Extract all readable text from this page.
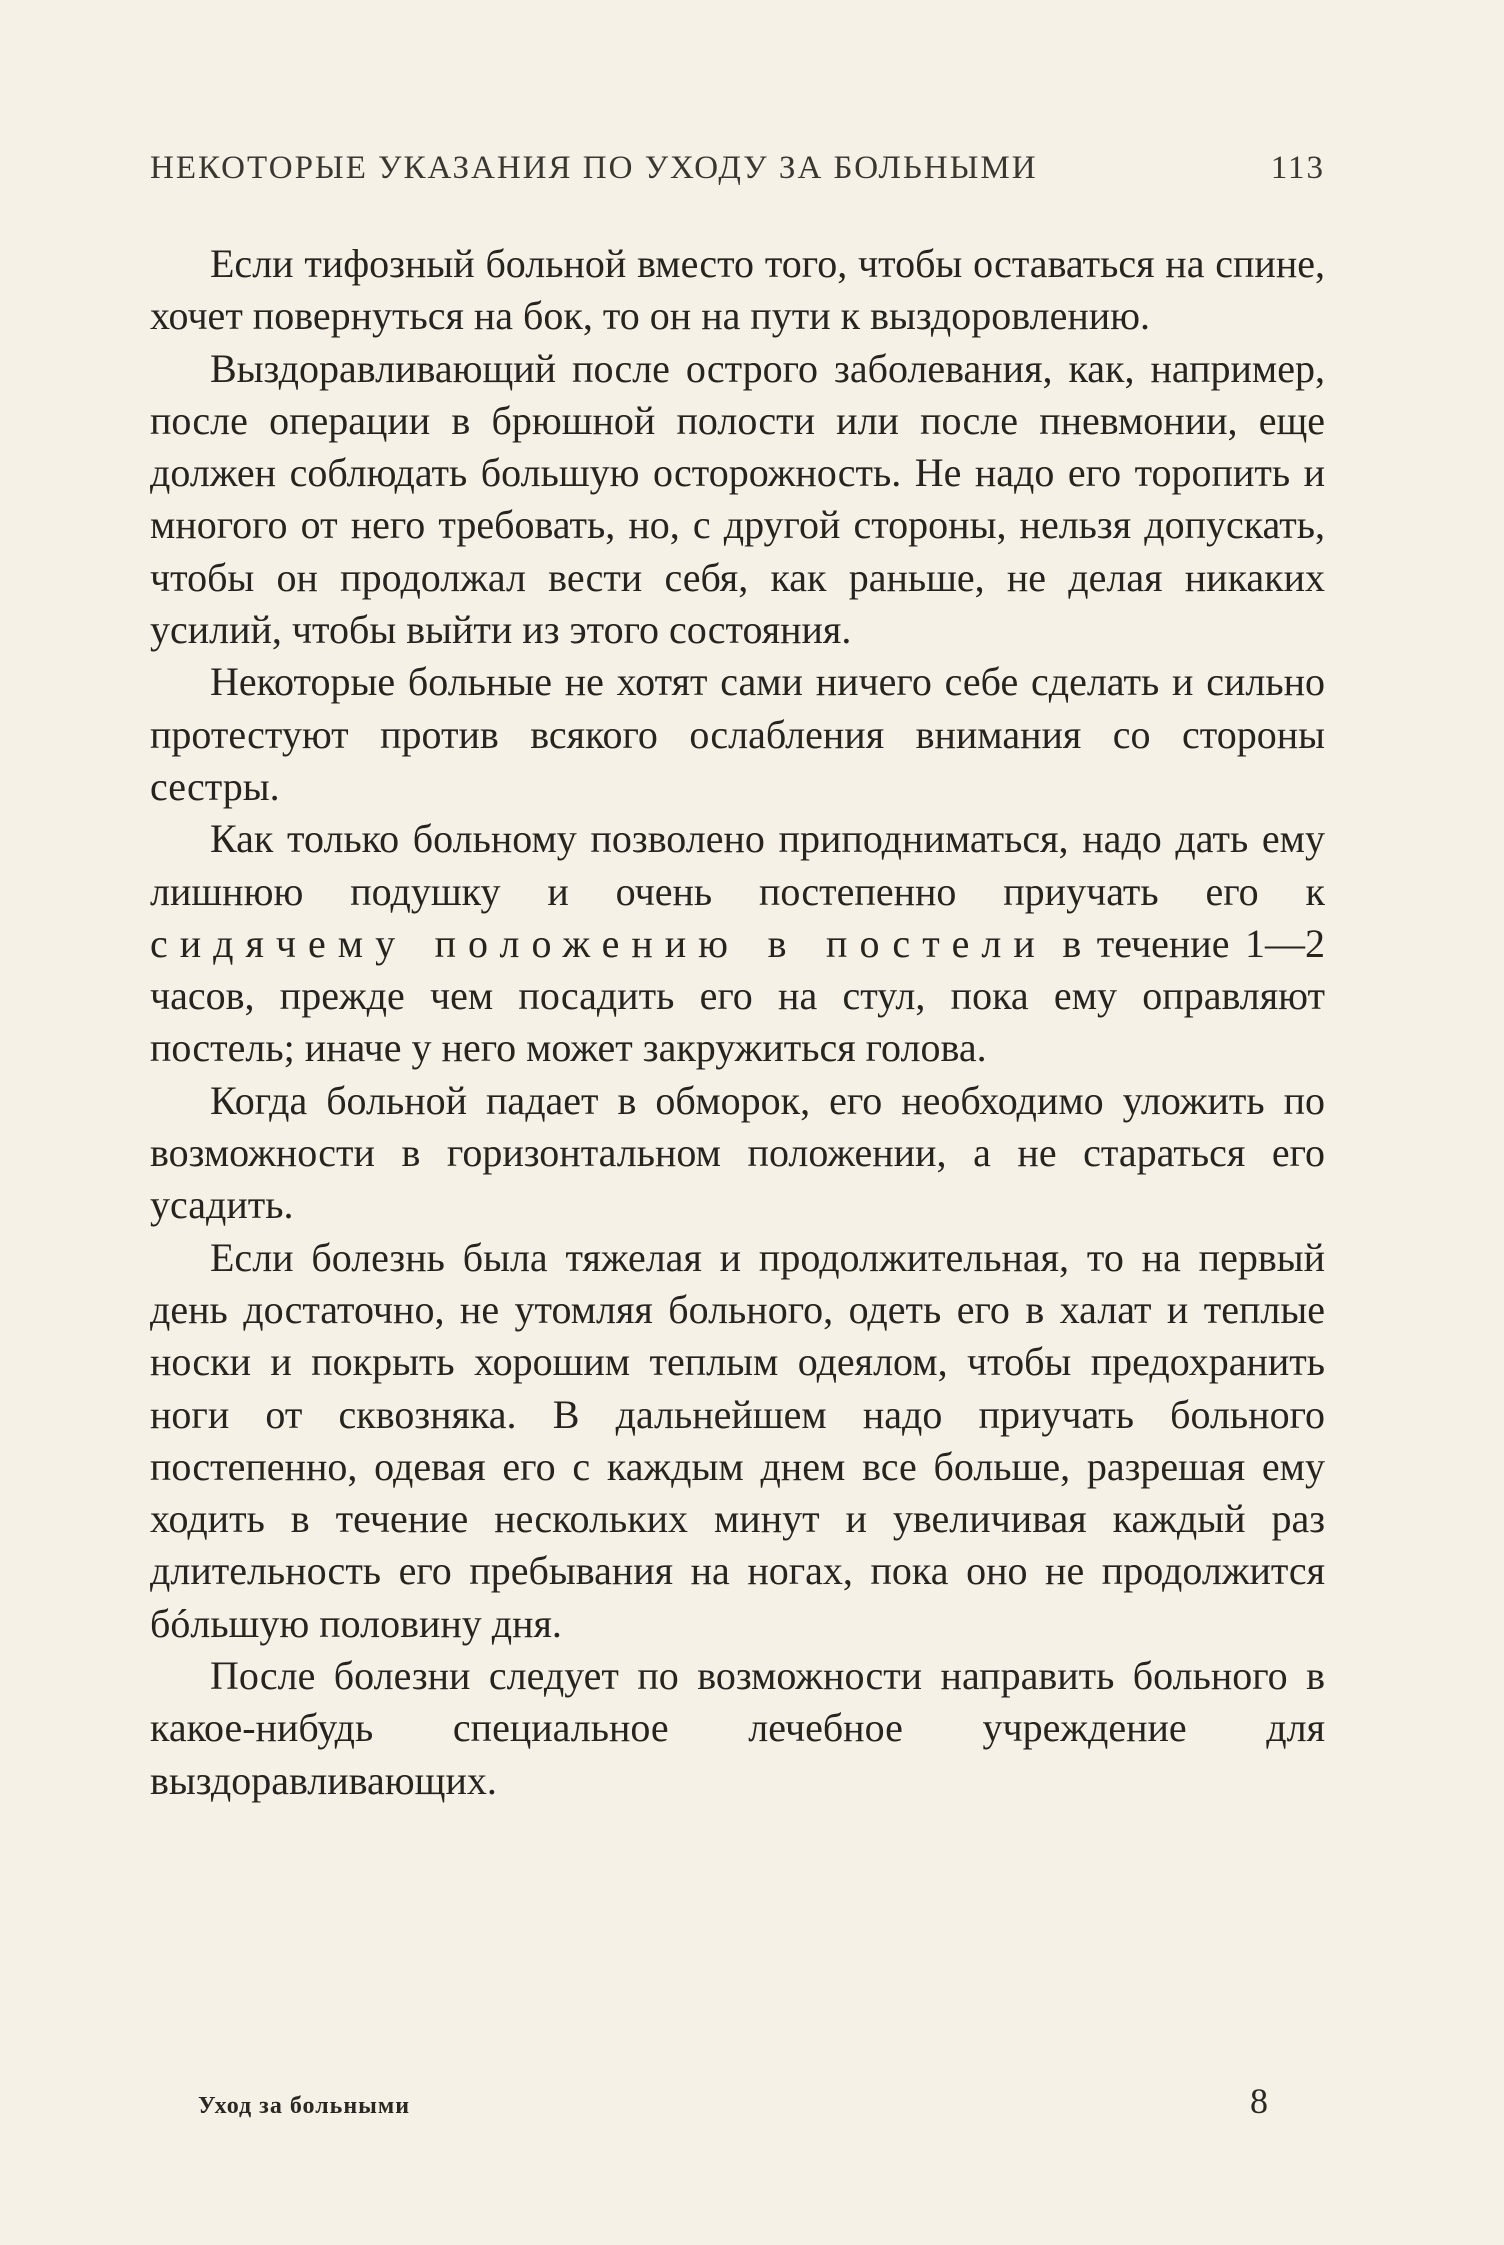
НЕКОТОРЫЕ УКАЗАНИЯ ПО УХОДУ ЗА БОЛЬНЫМИ	113

Если тифозный больной вместо того, чтобы оставаться на спине, хочет повернуться на бок, то он на пути к выздоровлению.

Выздоравливающий после острого заболевания, как, например, после операции в брюшной полости или после пневмонии, еще должен соблюдать большую осторожность. Не надо его торопить и многого от него требовать, но, с другой стороны, нельзя допускать, чтобы он продолжал вести себя, как раньше, не делая никаких усилий, чтобы выйти из этого состояния.

Некоторые больные не хотят сами ничего себе сделать и сильно протестуют против всякого ослабления внимания со стороны сестры.

Как только больному позволено приподниматься, надо дать ему лишнюю подушку и очень постепенно приучать его к сидячему положению в постели в течение 1—2 часов, прежде чем посадить его на стул, пока ему оправляют постель; иначе у него может закружиться голова.

Когда больной падает в обморок, его необходимо уложить по возможности в горизонтальном положении, а не стараться его усадить.

Если болезнь была тяжелая и продолжительная, то на первый день достаточно, не утомляя больного, одеть его в халат и теплые носки и покрыть хорошим теплым одеялом, чтобы предохранить ноги от сквозняка. В дальнейшем надо приучать больного постепенно, одевая его с каждым днем все больше, разрешая ему ходить в течение нескольких минут и увеличивая каждый раз длительность его пребывания на ногах, пока оно не продолжится бóльшую половину дня.

После болезни следует по возможности направить больного в какое-нибудь специальное лечебное учреждение для выздоравливающих.

Уход за больными	8
